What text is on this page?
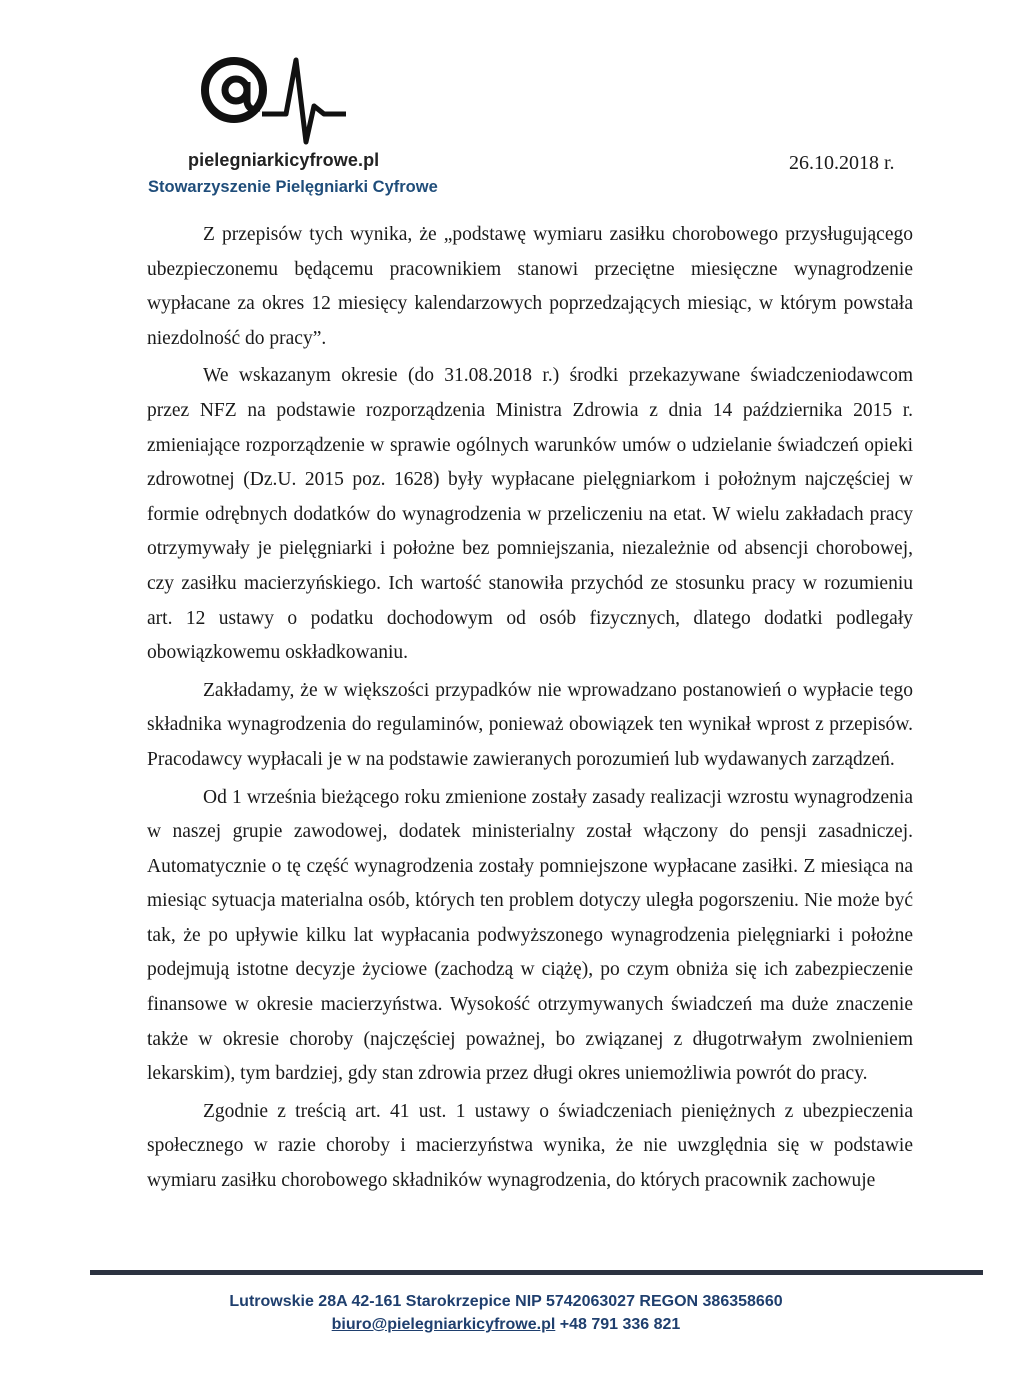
pielegniarkicyfrowe.pl
Stowarzyszenie Pielęgniarki Cyfrowe
26.10.2018 r.

Z przepisów tych wynika, że „podstawę wymiaru zasiłku chorobowego przysługującego ubezpieczonemu będącemu pracownikiem stanowi przeciętne miesięczne wynagrodzenie wypłacane za okres 12 miesięcy kalendarzowych poprzedzających miesiąc, w którym powstała niezdolność do pracy”.

We wskazanym okresie (do 31.08.2018 r.) środki przekazywane świadczeniodawcom przez NFZ na podstawie rozporządzenia Ministra Zdrowia z dnia 14 października 2015 r. zmieniające rozporządzenie w sprawie ogólnych warunków umów o udzielanie świadczeń opieki zdrowotnej (Dz.U. 2015 poz. 1628) były wypłacane pielęgniarkom i położnym najczęściej w formie odrębnych dodatków do wynagrodzenia w przeliczeniu na etat. W wielu zakładach pracy otrzymywały je pielęgniarki i położne bez pomniejszania, niezależnie od absencji chorobowej, czy zasiłku macierzyńskiego. Ich wartość stanowiła przychód ze stosunku pracy w rozumieniu art. 12 ustawy o podatku dochodowym od osób fizycznych, dlatego dodatki podlegały obowiązkowemu oskładkowaniu.

Zakładamy, że w większości przypadków nie wprowadzano postanowień o wypłacie tego składnika wynagrodzenia do regulaminów, ponieważ obowiązek ten wynikał wprost z przepisów. Pracodawcy wypłacali je w na podstawie zawieranych porozumień lub wydawanych zarządzeń.

Od 1 września bieżącego roku zmienione zostały zasady realizacji wzrostu wynagrodzenia w naszej grupie zawodowej, dodatek ministerialny został włączony do pensji zasadniczej. Automatycznie o tę część wynagrodzenia zostały pomniejszone wypłacane zasiłki. Z miesiąca na miesiąc sytuacja materialna osób, których ten problem dotyczy uległa pogorszeniu. Nie może być tak, że po upływie kilku lat wypłacania podwyższonego wynagrodzenia pielęgniarki i położne podejmują istotne decyzje życiowe (zachodzą w ciążę), po czym obniża się ich zabezpieczenie finansowe w okresie macierzyństwa. Wysokość otrzymywanych świadczeń ma duże znaczenie także w okresie choroby (najczęściej poważnej, bo związanej z długotrwałym zwolnieniem lekarskim), tym bardziej, gdy stan zdrowia przez długi okres uniemożliwia powrót do pracy.

Zgodnie z treścią art. 41 ust. 1 ustawy o świadczeniach pieniężnych z ubezpieczenia społecznego w razie choroby i macierzyństwa wynika, że nie uwzględnia się w podstawie wymiaru zasiłku chorobowego składników wynagrodzenia, do których pracownik zachowuje

Lutrowskie 28A 42-161 Starokrzepice NIP 5742063027 REGON 386358660
biuro@pielegniarkicyfrowe.pl +48 791 336 821
